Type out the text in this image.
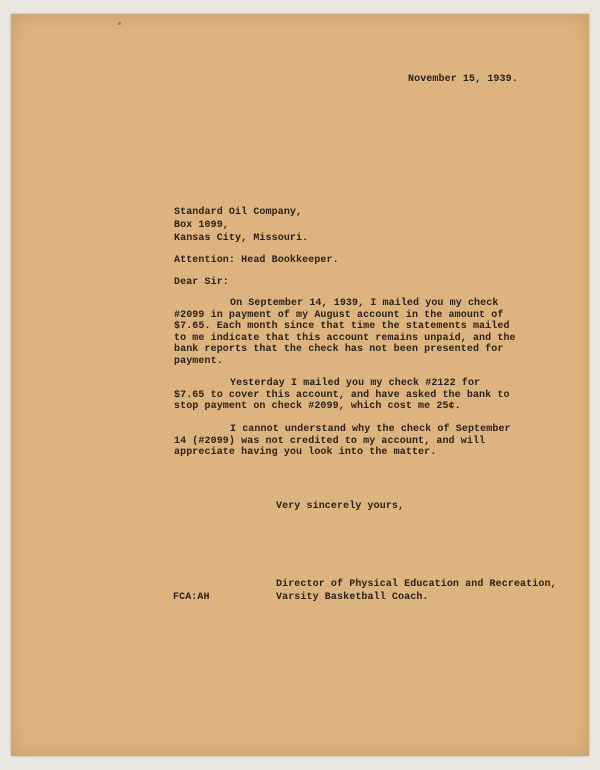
November 15, 1939.
Standard Oil Company,
Box 1099,
Kansas City, Missouri.
Attention: Head Bookkeeper.
Dear Sir:
On September 14, 1939, I mailed you my check
#2099 in payment of my August account in the amount of
$7.65. Each month since that time the statements mailed
to me indicate that this account remains unpaid, and the
bank reports that the check has not been presented for
payment.
Yesterday I mailed you my check #2122 for
$7.65 to cover this account, and have asked the bank to
stop payment on check #2099, which cost me 25¢.
I cannot understand why the check of September
14 (#2099) was not credited to my account, and will
appreciate having you look into the matter.
Very sincerely yours,
Director of Physical Education and Recreation,
Varsity Basketball Coach.
FCA:AH
